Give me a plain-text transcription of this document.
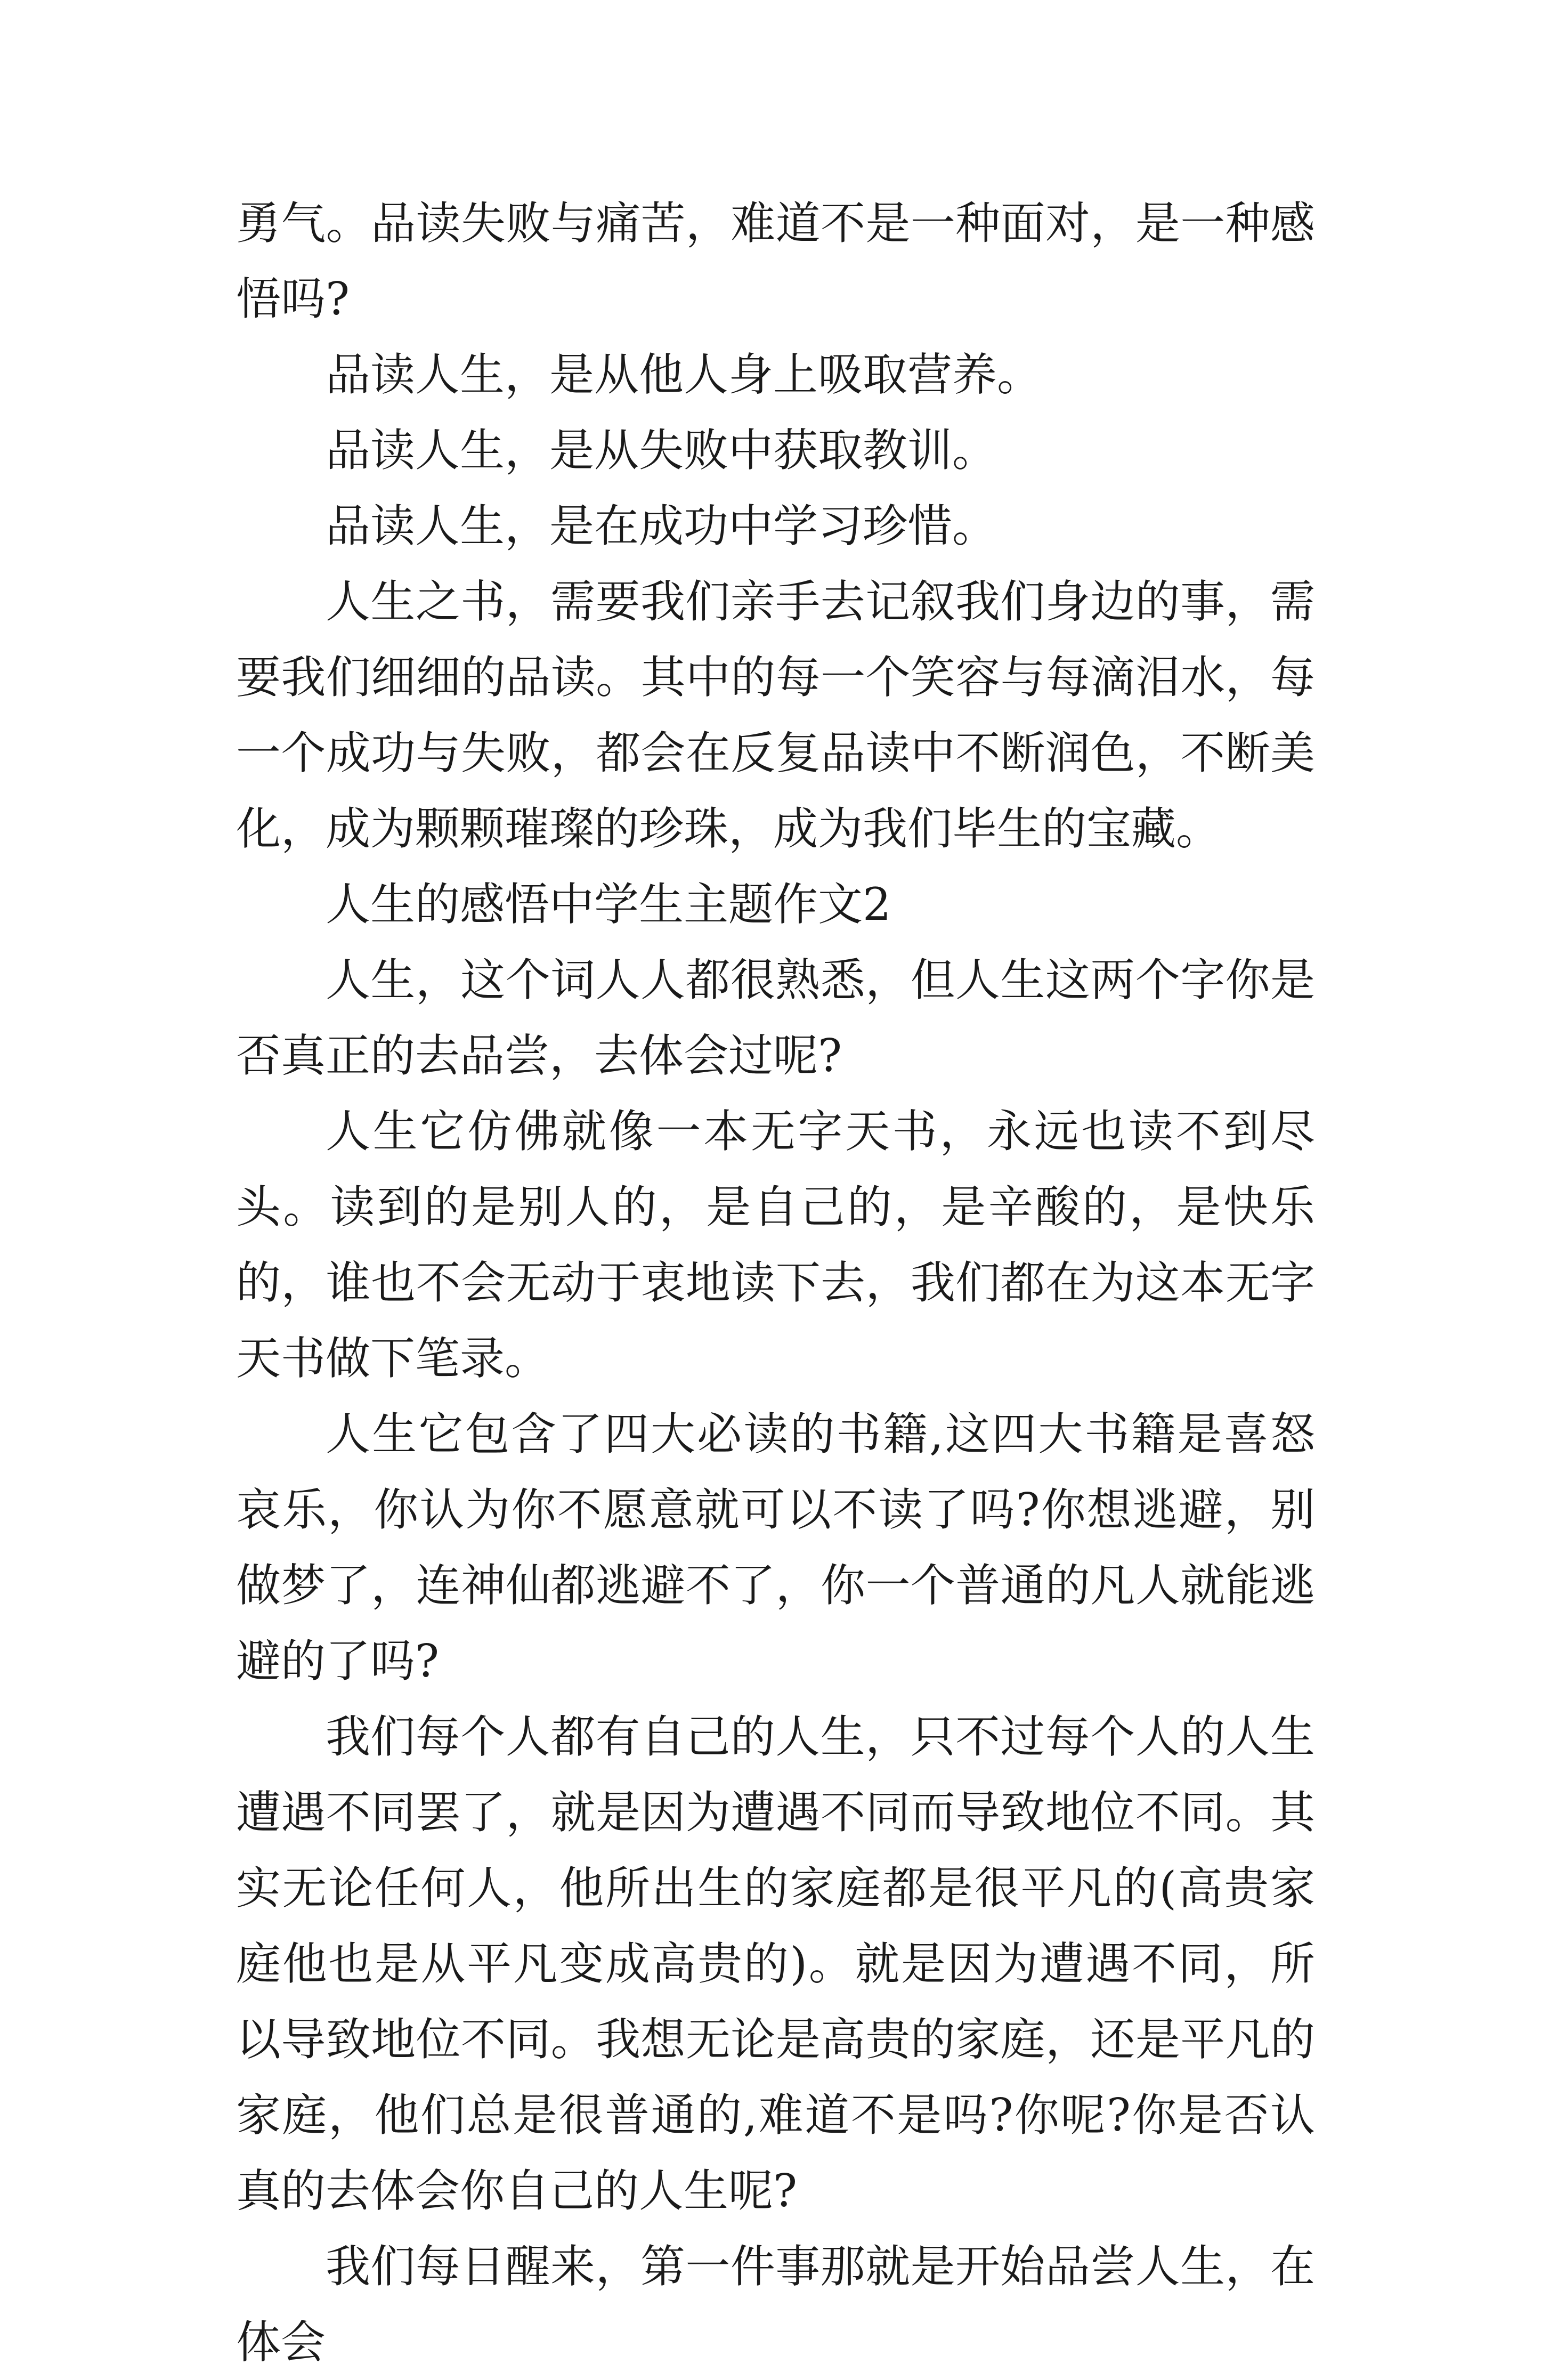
勇气。品读失败与痛苦，难道不是一种面对，是一种感悟吗?

品读人生，是从他人身上吸取营养。

品读人生，是从失败中获取教训。

品读人生，是在成功中学习珍惜。

人生之书，需要我们亲手去记叙我们身边的事，需要我们细细的品读。其中的每一个笑容与每滴泪水，每一个成功与失败，都会在反复品读中不断润色，不断美化，成为颗颗璀璨的珍珠，成为我们毕生的宝藏。

人生的感悟中学生主题作文2

人生，这个词人人都很熟悉，但人生这两个字你是否真正的去品尝，去体会过呢?

人生它仿佛就像一本无字天书，永远也读不到尽头。读到的是别人的，是自己的，是辛酸的，是快乐的，谁也不会无动于衷地读下去，我们都在为这本无字天书做下笔录。

人生它包含了四大必读的书籍,这四大书籍是喜怒哀乐，你认为你不愿意就可以不读了吗?你想逃避，别做梦了，连神仙都逃避不了，你一个普通的凡人就能逃避的了吗?

我们每个人都有自己的人生，只不过每个人的人生遭遇不同罢了，就是因为遭遇不同而导致地位不同。其实无论任何人，他所出生的家庭都是很平凡的(高贵家庭他也是从平凡变成高贵的)。就是因为遭遇不同，所以导致地位不同。我想无论是高贵的家庭，还是平凡的家庭，他们总是很普通的,难道不是吗?你呢?你是否认真的去体会你自己的人生呢?

我们每日醒来，第一件事那就是开始品尝人生，在体会
